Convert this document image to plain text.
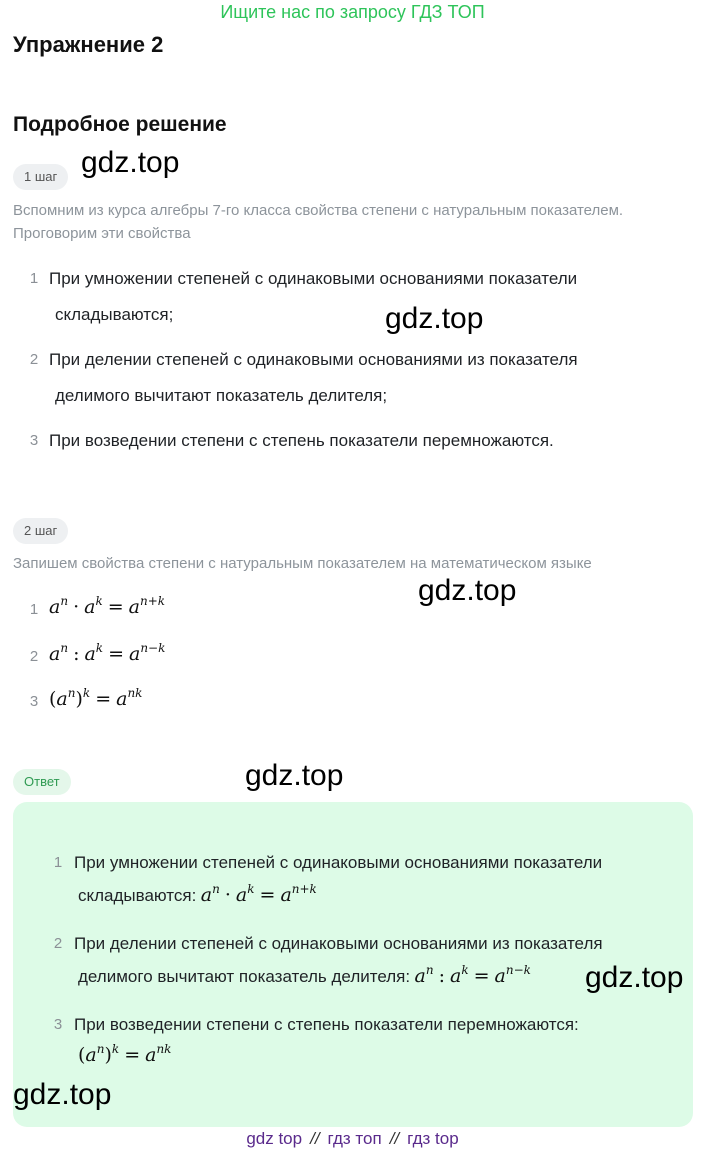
Ищите нас по запросу ГДЗ ТОП
Упражнение 2
Подробное решение
1 шаг gdz.top
Вспомним из курса алгебры 7-го класса свойства степени с натуральным показателем.
Проговорим эти свойства
1 При умножении степеней с одинаковыми основаниями показатели
складываются;	gdz.top
2 При делении степеней с одинаковыми основаниями из показателя
делимого вычитают показатель делителя;
3 При возведении степени с степень показатели перемножаются.
2 шаг
Запишем свойства степени с натуральным показателем на математическом языке
gdz.top
1 $a^n \cdot a^k = a^{n+k}$
2 $a^n$ : $a^k = a^{n-k}$
3 $(a^n)^k = a^{nk}$
gdz.top
Ответ
1 При умножении степеней с одинаковыми основаниями показатели
складываются: $a^n \cdot a^k = a^{n+k}$
2 При делении степеней с одинаковыми основаниями из показателя
делимого вычитают показатель делителя: $a^n$ : $a^k = a^{n-k}$ gdz.top
3 При возведении степени с степень показатели перемножаются:
$(a^n)^k = a^{nk}$
gdz.top
gdz top // гдз топ // гдз top
